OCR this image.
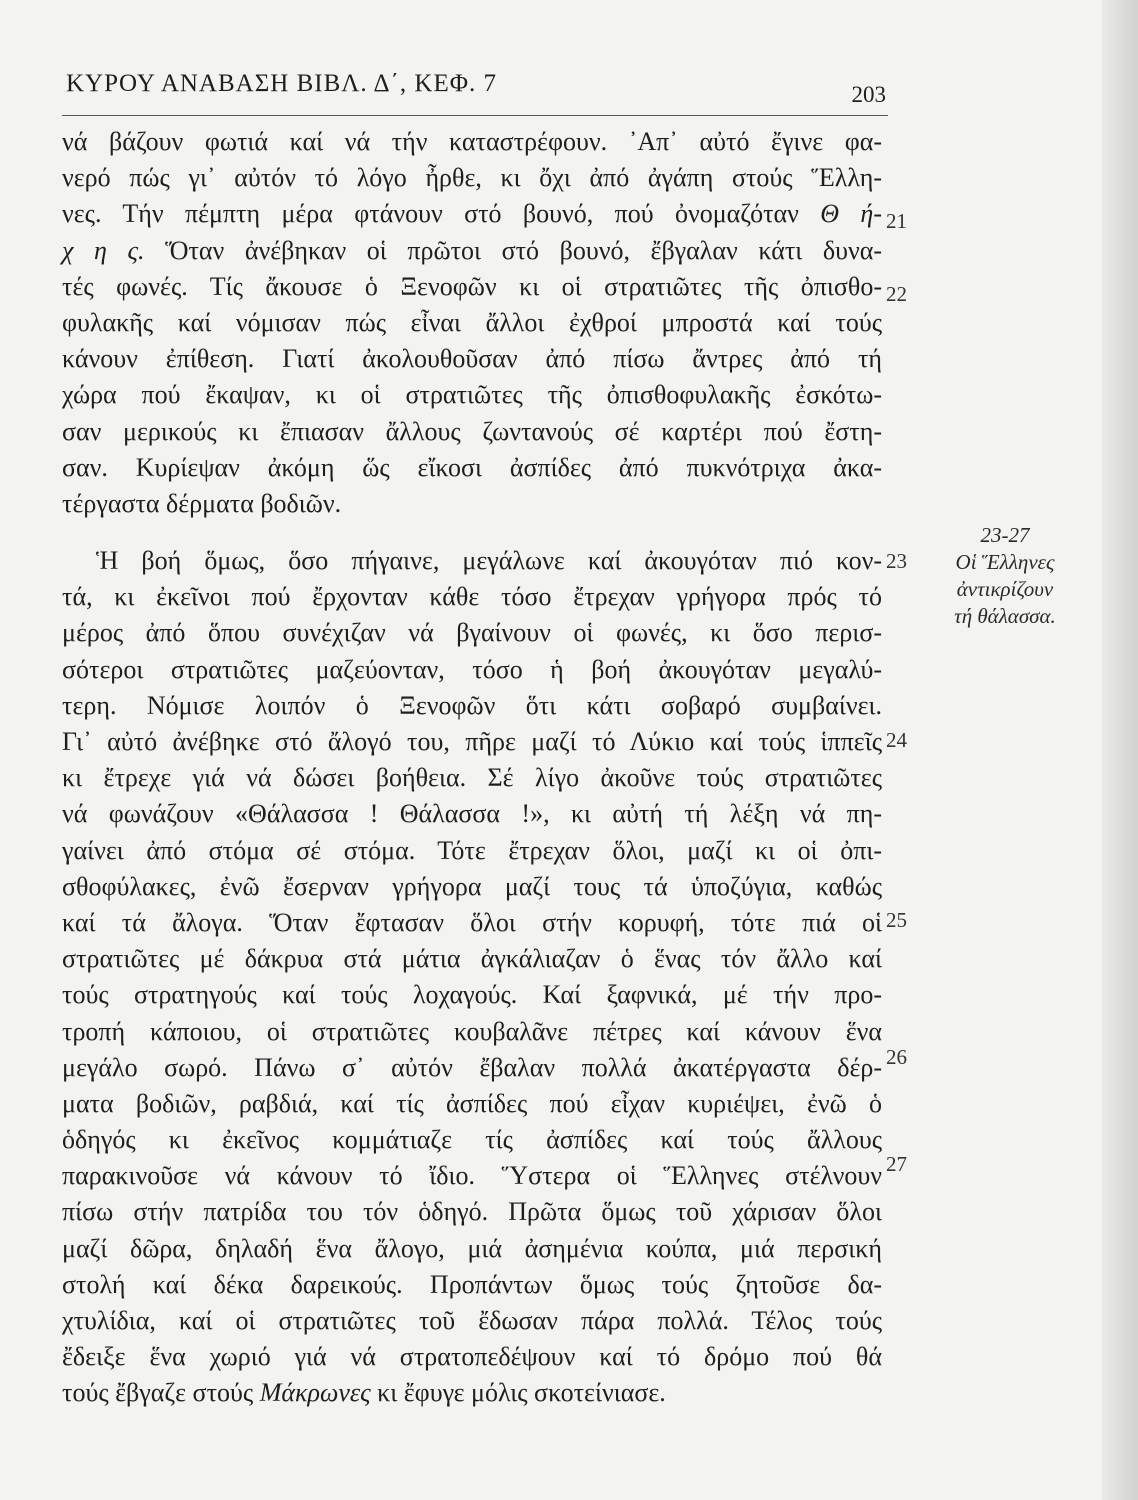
ΚΥΡΟΥ ΑΝΑΒΑΣΗ ΒΙΒΛ. Δ΄, ΚΕΦ. 7	203
νά βάζουν φωτιά καί νά τήν καταστρέφουν. ᾽Απ᾽ αὐτό ἔγινε φα-
νερό πώς γι᾽ αὐτόν τό λόγο ἦρθε, κι ὄχι ἀπό ἀγάπη στούς Ἕλλη-
νες. Τήν πέμπτη μέρα φτάνουν στό βουνό, πού ὀνομαζόταν Θ ή-
χ η ς. Ὅταν ἀνέβηκαν οἱ πρῶτοι στό βουνό, ἔβγαλαν κάτι δυνα-
τές φωνές. Τίς ἄκουσε ὁ Ξενοφῶν κι οἱ στρατιῶτες τῆς ὀπισθο-
φυλακῆς καί νόμισαν πώς εἶναι ἄλλοι ἐχθροί μπροστά καί τούς
κάνουν ἐπίθεση. Γιατί ἀκολουθοῦσαν ἀπό πίσω ἄντρες ἀπό τή
χώρα πού ἔκαψαν, κι οἱ στρατιῶτες τῆς ὀπισθοφυλακῆς ἐσκότω-
σαν μερικούς κι ἔπιασαν ἄλλους ζωντανούς σέ καρτέρι πού ἔστη-
σαν. Κυρίεψαν ἀκόμη ὥς εἴκοσι ἀσπίδες ἀπό πυκνότριχα ἀκα-
τέργαστα δέρματα βοδιῶν.
Ἡ βοή ὅμως, ὅσο πήγαινε, μεγάλωνε καί ἀκουγόταν πιό κον-
τά, κι ἐκεῖνοι πού ἔρχονταν κάθε τόσο ἔτρεχαν γρήγορα πρός τό
μέρος ἀπό ὅπου συνέχιζαν νά βγαίνουν οἱ φωνές, κι ὅσο περισ-
σότεροι στρατιῶτες μαζεύονταν, τόσο ἡ βοή ἀκουγόταν μεγαλύ-
τερη. Νόμισε λοιπόν ὁ Ξενοφῶν ὅτι κάτι σοβαρό συμβαίνει.
Γι᾽ αὐτό ἀνέβηκε στό ἄλογό του, πῆρε μαζί τό Λύκιο καί τούς ἱππεῖς
κι ἔτρεχε γιά νά δώσει βοήθεια. Σέ λίγο ἀκοῦνε τούς στρατιῶτες
νά φωνάζουν «Θάλασσα ! Θάλασσα !», κι αὐτή τή λέξη νά πη-
γαίνει ἀπό στόμα σέ στόμα. Τότε ἔτρεχαν ὅλοι, μαζί κι οἱ ὀπι-
σθοφύλακες, ἐνῶ ἔσερναν γρήγορα μαζί τους τά ὑποζύγια, καθώς
καί τά ἄλογα. Ὅταν ἔφτασαν ὅλοι στήν κορυφή, τότε πιά οἱ
στρατιῶτες μέ δάκρυα στά μάτια ἀγκάλιαζαν ὁ ἕνας τόν ἄλλο καί
τούς στρατηγούς καί τούς λοχαγούς. Καί ξαφνικά, μέ τήν προ-
τροπή κάποιου, οἱ στρατιῶτες κουβαλᾶνε πέτρες καί κάνουν ἕνα
μεγάλο σωρό. Πάνω σ᾽ αὐτόν ἔβαλαν πολλά ἀκατέργαστα δέρ-
ματα βοδιῶν, ραβδιά, καί τίς ἀσπίδες πού εἶχαν κυριέψει, ἐνῶ ὁ
ὁδηγός κι ἐκεῖνος κομμάτιαζε τίς ἀσπίδες καί τούς ἄλλους
παρακινοῦσε νά κάνουν τό ἴδιο. Ὕστερα οἱ Ἕλληνες στέλνουν
πίσω στήν πατρίδα του τόν ὁδηγό. Πρῶτα ὅμως τοῦ χάρισαν ὅλοι
μαζί δῶρα, δηλαδή ἕνα ἄλογο, μιά ἀσημένια κούπα, μιά περσική
στολή καί δέκα δαρεικούς. Προπάντων ὅμως τούς ζητοῦσε δα-
χτυλίδια, καί οἱ στρατιῶτες τοῦ ἔδωσαν πάρα πολλά. Τέλος τούς
ἔδειξε ἕνα χωριό γιά νά στρατοπεδέψουν καί τό δρόμο πού θά
τούς ἔβγαζε στούς Μάκρωνες κι ἔφυγε μόλις σκοτείνιασε.
21
22
23
24
25
26
27
23-27
Οἱ Ἕλληνες
ἀντικρίζουν
τή θάλασσα.
